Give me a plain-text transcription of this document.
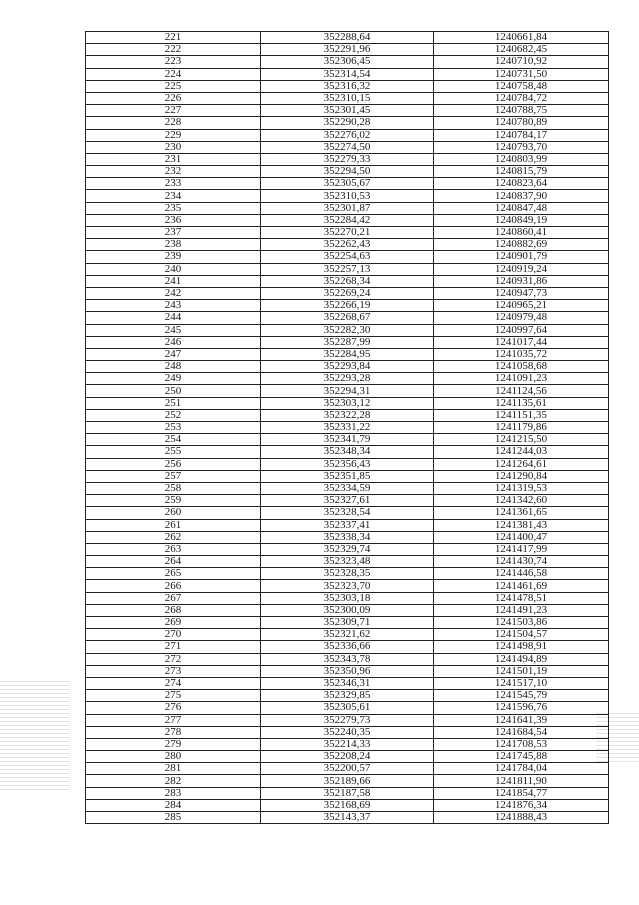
221	352288,64	1240661,84
222	352291,96	1240682,45
223	352306,45	1240710,92
224	352314,54	1240731,50
225	352316,32	1240758,48
226	352310,15	1240784,72
227	352301,45	1240788,75
228	352290,28	1240780,89
229	352276,02	1240784,17
230	352274,50	1240793,70
231	352279,33	1240803,99
232	352294,50	1240815,79
233	352305,67	1240823,64
234	352310,53	1240837,90
235	352301,87	1240847,48
236	352284,42	1240849,19
237	352270,21	1240860,41
238	352262,43	1240882,69
239	352254,63	1240901,79
240	352257,13	1240919,24
241	352268,34	1240931,86
242	352269,24	1240947,73
243	352266,19	1240965,21
244	352268,67	1240979,48
245	352282,30	1240997,64
246	352287,99	1241017,44
247	352284,95	1241035,72
248	352293,84	1241058,68
249	352293,28	1241091,23
250	352294,31	1241124,56
251	352303,12	1241135,61
252	352322,28	1241151,35
253	352331,22	1241179,86
254	352341,79	1241215,50
255	352348,34	1241244,03
256	352356,43	1241264,61
257	352351,85	1241290,84
258	352334,59	1241319,53
259	352327,61	1241342,60
260	352328,54	1241361,65
261	352337,41	1241381,43
262	352338,34	1241400,47
263	352329,74	1241417,99
264	352323,48	1241430,74
265	352328,35	1241446,58
266	352323,70	1241461,69
267	352303,18	1241478,51
268	352300,09	1241491,23
269	352309,71	1241503,86
270	352321,62	1241504,57
271	352336,66	1241498,91
272	352343,78	1241494,89
273	352350,96	1241501,19
274	352346,31	1241517,10
275	352329,85	1241545,79
276	352305,61	1241596,76
277	352279,73	1241641,39
278	352240,35	1241684,54
279	352214,33	1241708,53
280	352208,24	1241745,88
281	352200,57	1241784,04
282	352189,66	1241811,90
283	352187,58	1241854,77
284	352168,69	1241876,34
285	352143,37	1241888,43
